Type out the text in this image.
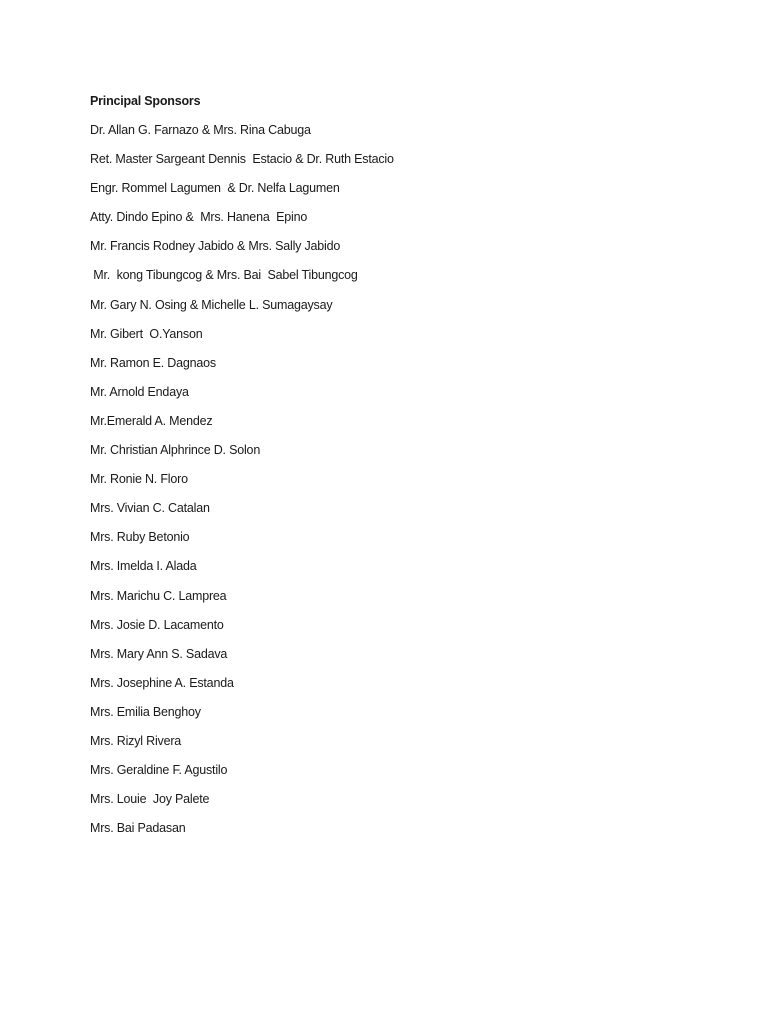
Principal Sponsors
Dr. Allan G. Farnazo & Mrs. Rina Cabuga
Ret. Master Sargeant Dennis  Estacio & Dr. Ruth Estacio
Engr. Rommel Lagumen  & Dr. Nelfa Lagumen
Atty. Dindo Epino &  Mrs. Hanena  Epino
Mr. Francis Rodney Jabido & Mrs. Sally Jabido
Mr.  kong Tibungcog & Mrs. Bai  Sabel Tibungcog
Mr. Gary N. Osing & Michelle L. Sumagaysay
Mr. Gibert  O.Yanson
Mr. Ramon E. Dagnaos
Mr. Arnold Endaya
Mr.Emerald A. Mendez
Mr. Christian Alphrince D. Solon
Mr. Ronie N. Floro
Mrs. Vivian C. Catalan
Mrs. Ruby Betonio
Mrs. Imelda I. Alada
Mrs. Marichu C. Lamprea
Mrs. Josie D. Lacamento
Mrs. Mary Ann S. Sadava
Mrs. Josephine A. Estanda
Mrs. Emilia Benghoy
Mrs. Rizyl Rivera
Mrs. Geraldine F. Agustilo
Mrs. Louie  Joy Palete
Mrs. Bai Padasan
